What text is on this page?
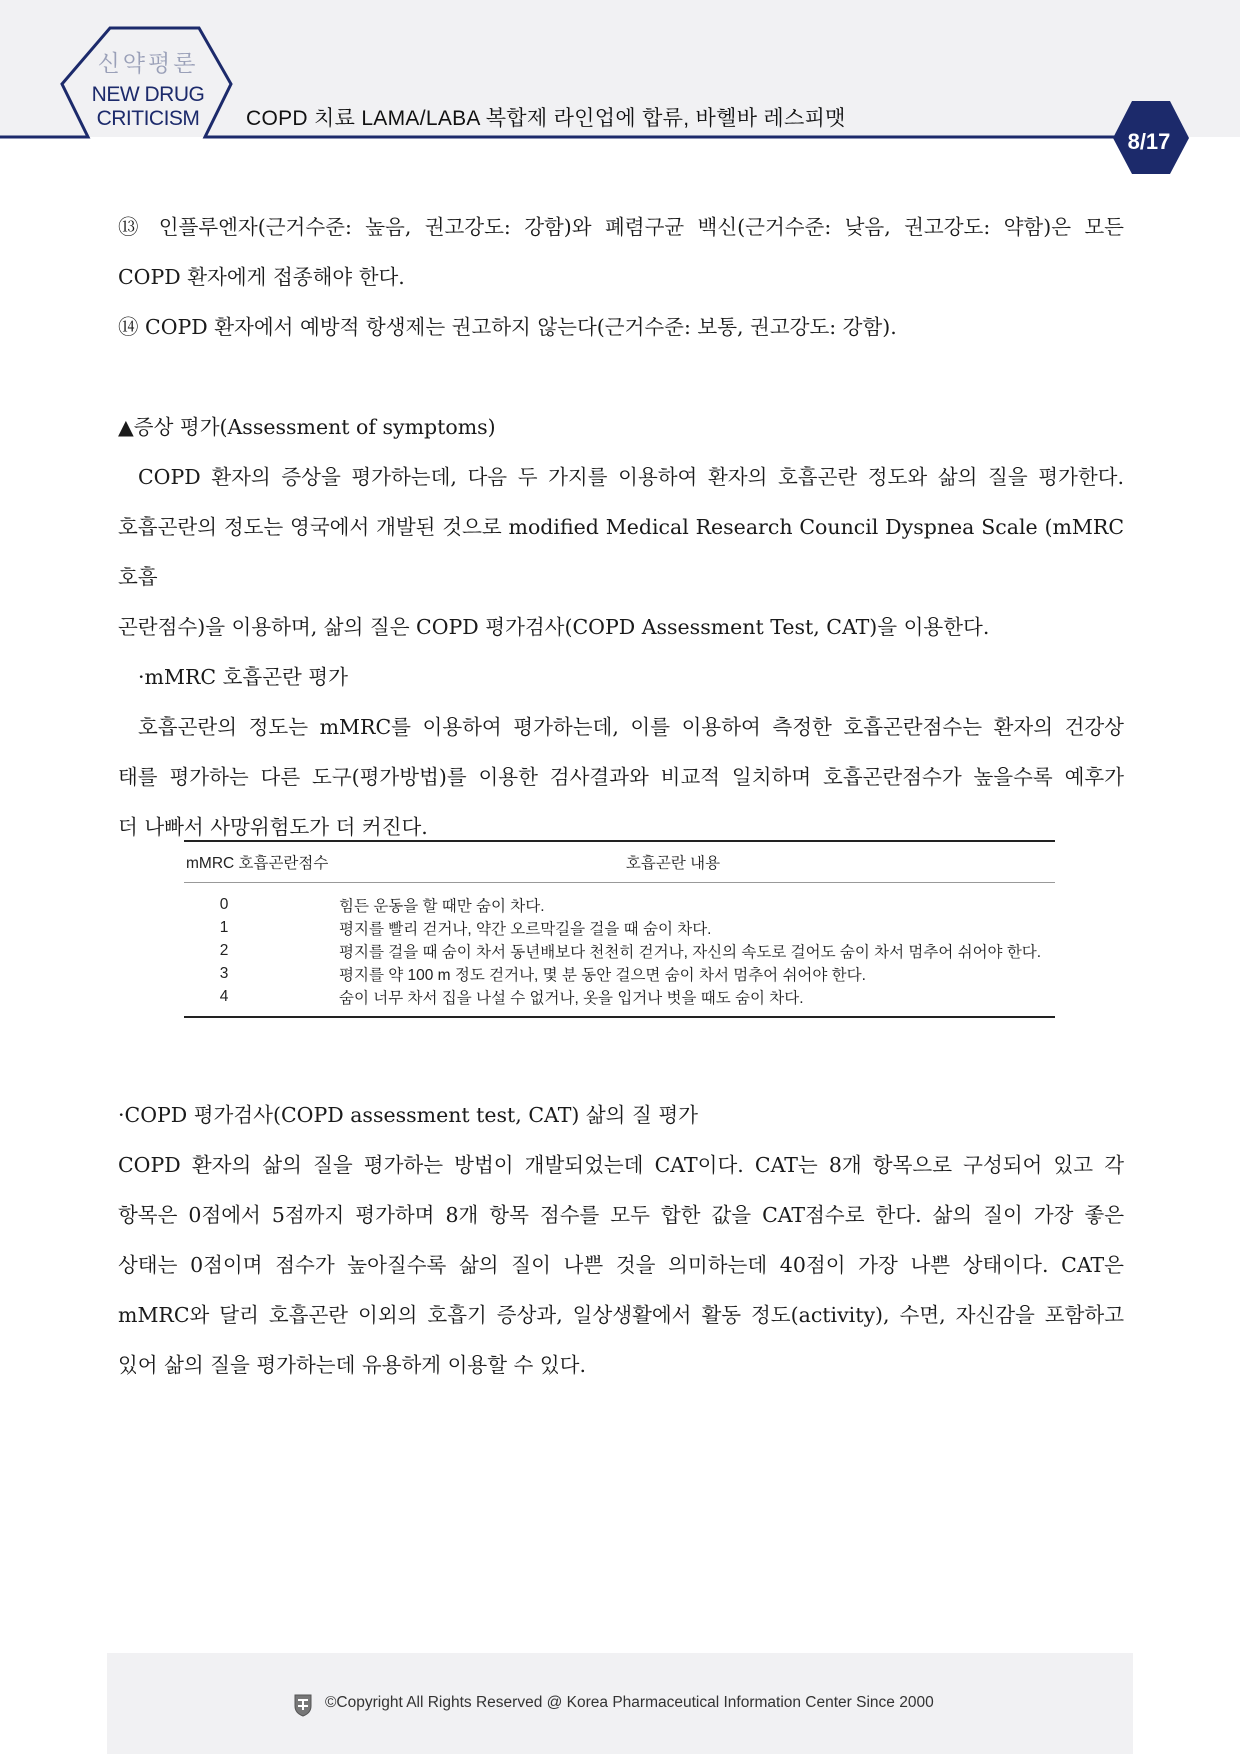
신약평론
NEW DRUG
CRITICISM	COPD 치료 LAMA/LABA 복합제 라인업에 합류, 바헬바 레스피맷
8/17

⑬ 인플루엔자(근거수준: 높음, 권고강도: 강함)와 폐렴구균 백신(근거수준: 낮음, 권고강도: 약함)은 모든

COPD 환자에게 접종해야 한다.

⑭ COPD 환자에서 예방적 항생제는 권고하지 않는다(근거수준: 보통, 권고강도: 강함).

▲증상 평가(Assessment of symptoms)

COPD 환자의 증상을 평가하는데, 다음 두 가지를 이용하여 환자의 호흡곤란 정도와 삶의 질을 평가한다.

호흡곤란의 정도는 영국에서 개발된 것으로 modified Medical Research Council Dyspnea Scale (mMRC 호흡

곤란점수)을 이용하며, 삶의 질은 COPD 평가검사(COPD Assessment Test, CAT)을 이용한다.

·mMRC 호흡곤란 평가

호흡곤란의 정도는 mMRC를 이용하여 평가하는데, 이를 이용하여 측정한 호흡곤란점수는 환자의 건강상

태를 평가하는 다른 도구(평가방법)를 이용한 검사결과와 비교적 일치하며 호흡곤란점수가 높을수록 예후가

더 나빠서 사망위험도가 더 커진다.

mMRC 호흡곤란점수	호흡곤란 내용
0	힘든 운동을 할 때만 숨이 차다.
1	평지를 빨리 걷거나, 약간 오르막길을 걸을 때 숨이 차다.
2	평지를 걸을 때 숨이 차서 동년배보다 천천히 걷거나, 자신의 속도로 걸어도 숨이 차서 멈추어 쉬어야 한다.
3	평지를 약 100 m 정도 걷거나, 몇 분 동안 걸으면 숨이 차서 멈추어 쉬어야 한다.
4	숨이 너무 차서 집을 나설 수 없거나, 옷을 입거나 벗을 때도 숨이 차다.

·COPD 평가검사(COPD assessment test, CAT) 삶의 질 평가

COPD 환자의 삶의 질을 평가하는 방법이 개발되었는데 CAT이다. CAT는 8개 항목으로 구성되어 있고 각

항목은 0점에서 5점까지 평가하며 8개 항목 점수를 모두 합한 값을 CAT점수로 한다. 삶의 질이 가장 좋은

상태는 0점이며 점수가 높아질수록 삶의 질이 나쁜 것을 의미하는데 40점이 가장 나쁜 상태이다. CAT은

mMRC와 달리 호흡곤란 이외의 호흡기 증상과, 일상생활에서 활동 정도(activity), 수면, 자신감을 포함하고

있어 삶의 질을 평가하는데 유용하게 이용할 수 있다.

©Copyright All Rights Reserved @ Korea Pharmaceutical Information Center Since 2000
